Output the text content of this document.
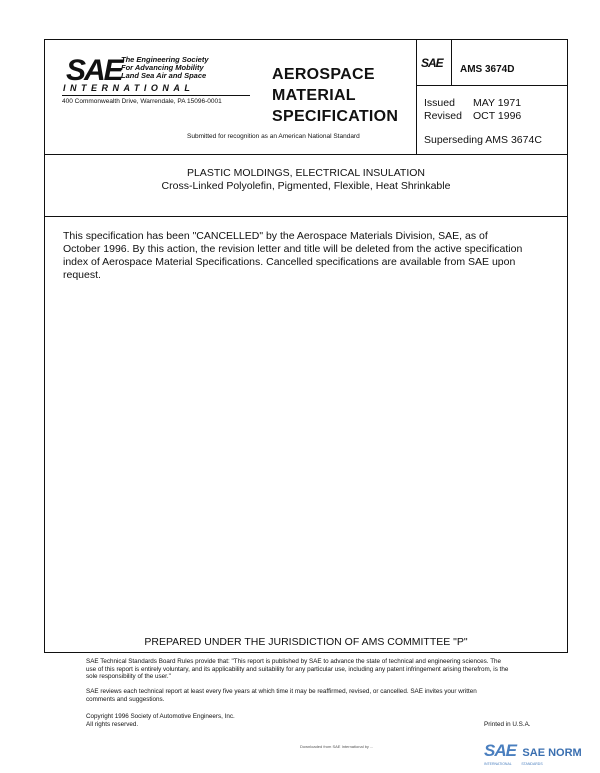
SAE The Engineering Society
For Advancing Mobility
Land Sea Air and Space
INTERNATIONAL
400 Commonwealth Drive, Warrendale, PA 15096-0001
AEROSPACE
MATERIAL
SPECIFICATION
Submitted for recognition as an American National Standard
SAE AMS 3674D
Issued MAY 1971
Revised OCT 1996
Superseding AMS 3674C
PLASTIC MOLDINGS, ELECTRICAL INSULATION
Cross-Linked Polyolefin, Pigmented, Flexible, Heat Shrinkable
This specification has been "CANCELLED" by the Aerospace Materials Division, SAE, as of
October 1996. By this action, the revision letter and title will be deleted from the active specification
index of Aerospace Material Specifications. Cancelled specifications are available from SAE upon
request.
PREPARED UNDER THE JURISDICTION OF AMS COMMITTEE "P"
SAE Technical Standards Board Rules provide that: "This report is published by SAE to advance the state of technical and engineering sciences. The
use of this report is entirely voluntary, and its applicability and suitability for any particular use, including any patent infringement arising therefrom, is the
sole responsibility of the user."
SAE reviews each technical report at least every five years at which time it may be reaffirmed, revised, or cancelled. SAE invites your written
comments and suggestions.
Copyright 1996 Society of Automotive Engineers, Inc.
All rights reserved.	Printed in U.S.A.
Downloaded from SAE International by ...	SAE SAE NORM
INTERNATIONAL          STANDARDS
